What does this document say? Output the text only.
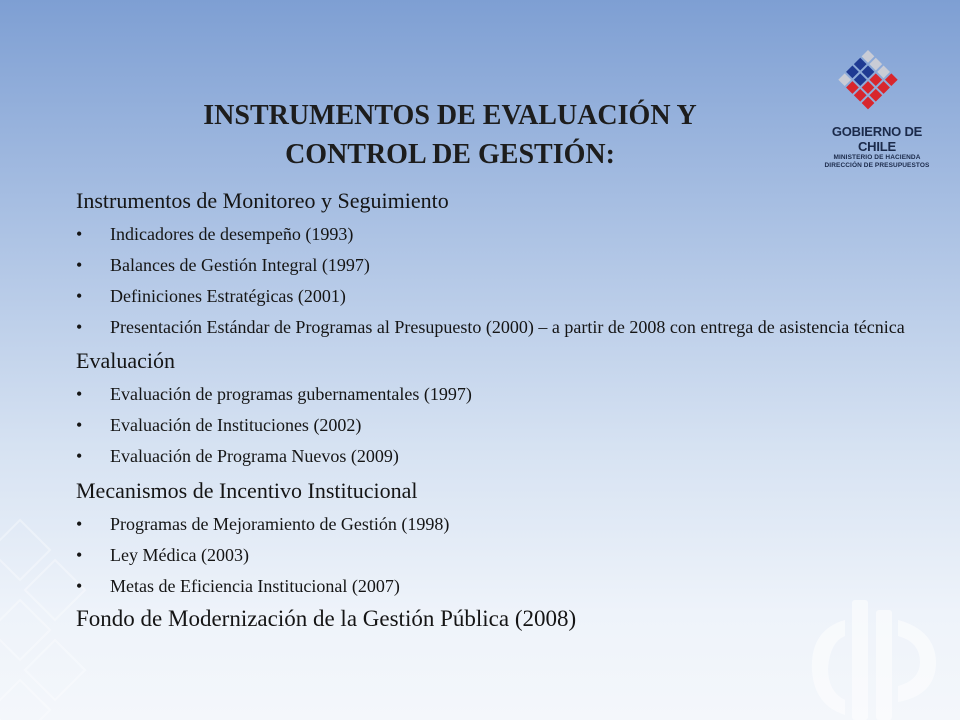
GOBIERNO DE CHILE
MINISTERIO DE HACIENDA
DIRECCIÓN DE PRESUPUESTOS
INSTRUMENTOS DE EVALUACIÓN Y
CONTROL DE GESTIÓN:

Instrumentos de Monitoreo y Seguimiento

• Indicadores de desempeño (1993)
• Balances de Gestión Integral (1997)
• Definiciones Estratégicas (2001)
• Presentación Estándar de Programas al Presupuesto (2000) – a partir de 2008 con entrega de asistencia técnica

Evaluación

• Evaluación de programas gubernamentales (1997)
• Evaluación de Instituciones (2002)
• Evaluación de Programa Nuevos (2009)

Mecanismos de Incentivo Institucional

• Programas de Mejoramiento de Gestión (1998)
• Ley Médica (2003)
• Metas de Eficiencia Institucional (2007)

Fondo de Modernización de la Gestión Pública (2008)
